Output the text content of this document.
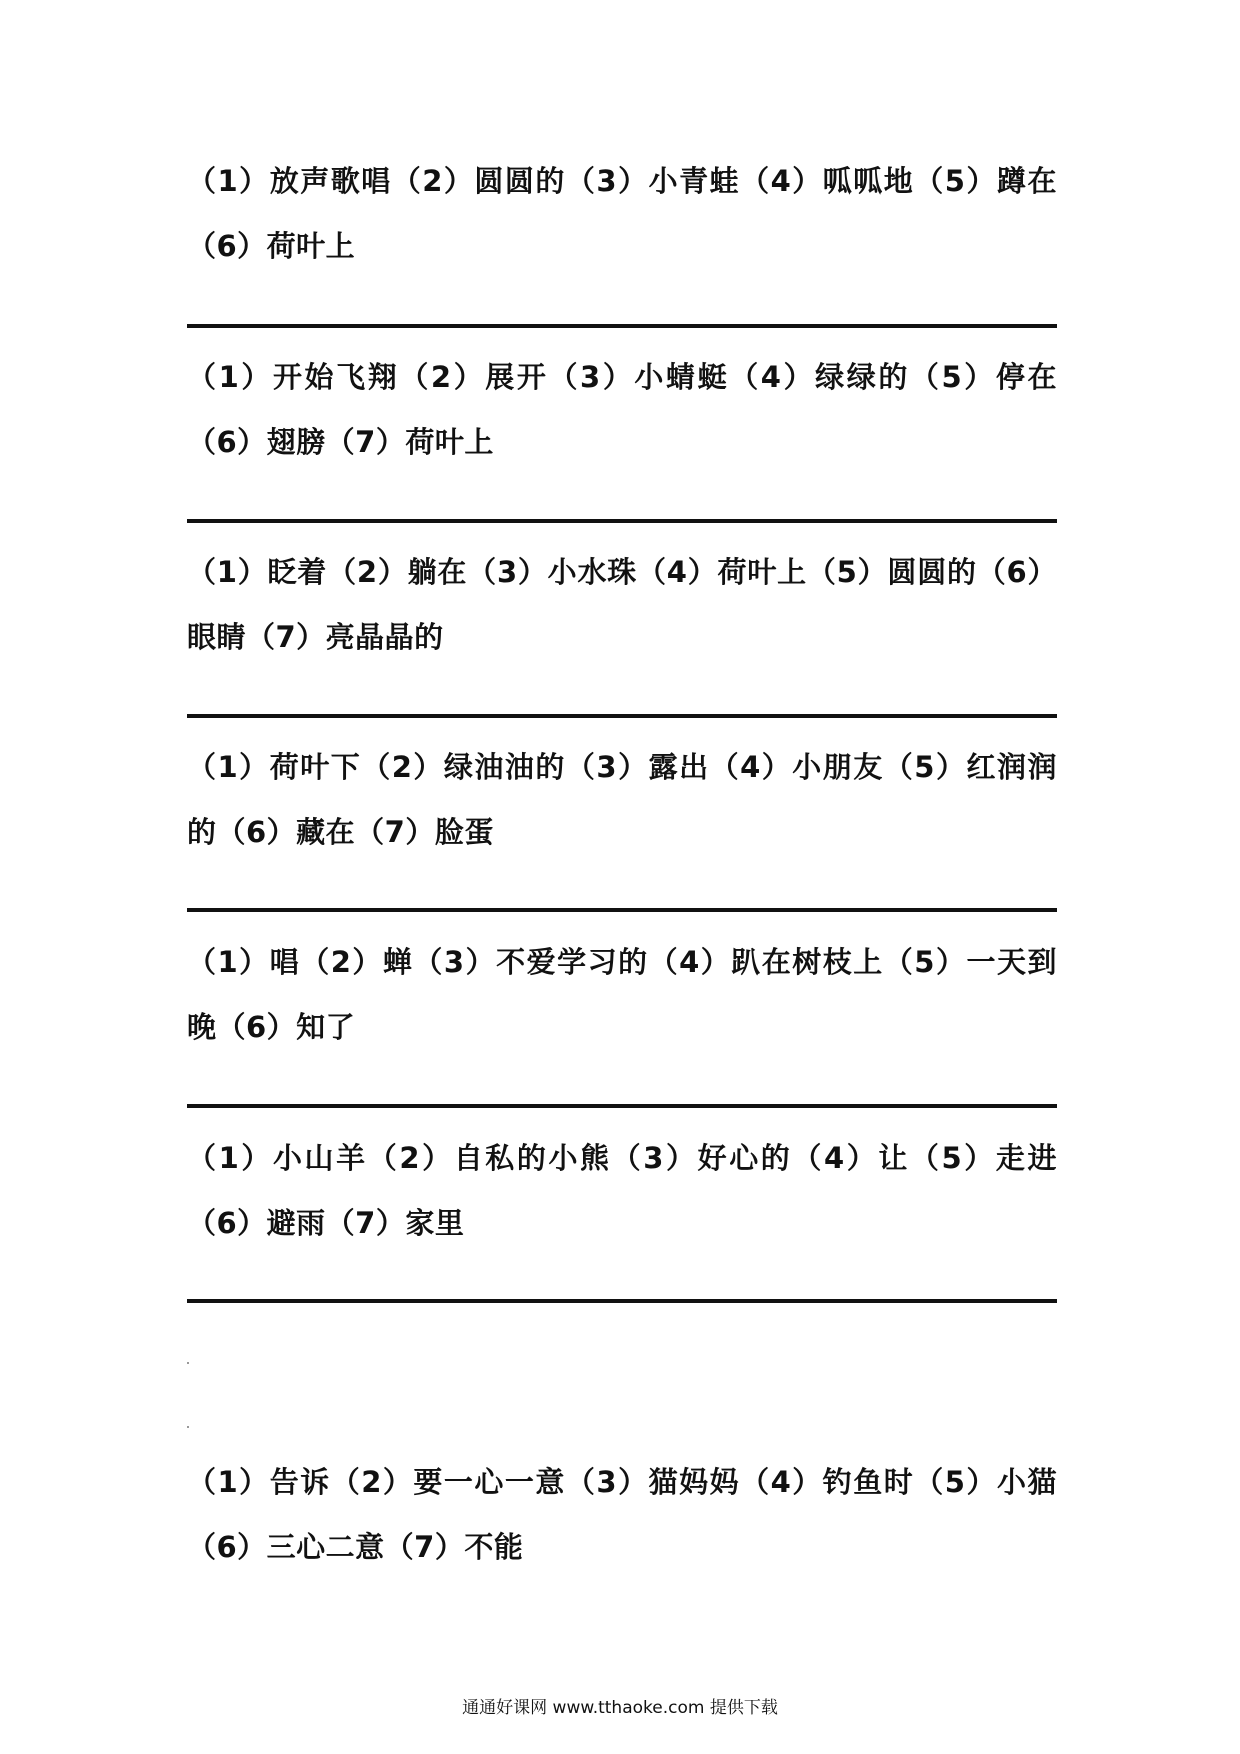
（1）放声歌唱（2）圆圆的（3）小青蛙（4）呱呱地（5）蹲在（6）荷叶上
（1）开始飞翔（2）展开（3）小蜻蜓（4）绿绿的（5）停在（6）翅膀（7）荷叶上
（1）眨着（2）躺在（3）小水珠（4）荷叶上（5）圆圆的（6）眼睛（7）亮晶晶的
（1）荷叶下（2）绿油油的（3）露出（4）小朋友（5）红润润的（6）藏在（7）脸蛋
（1）唱（2）蝉（3）不爱学习的（4）趴在树枝上（5）一天到晚（6）知了
（1）小山羊（2）自私的小熊（3）好心的（4）让（5）走进（6）避雨（7）家里
（1）告诉（2）要一心一意（3）猫妈妈（4）钓鱼时（5）小猫（6）三心二意（7）不能
通通好课网 www.tthaoke.com 提供下载
